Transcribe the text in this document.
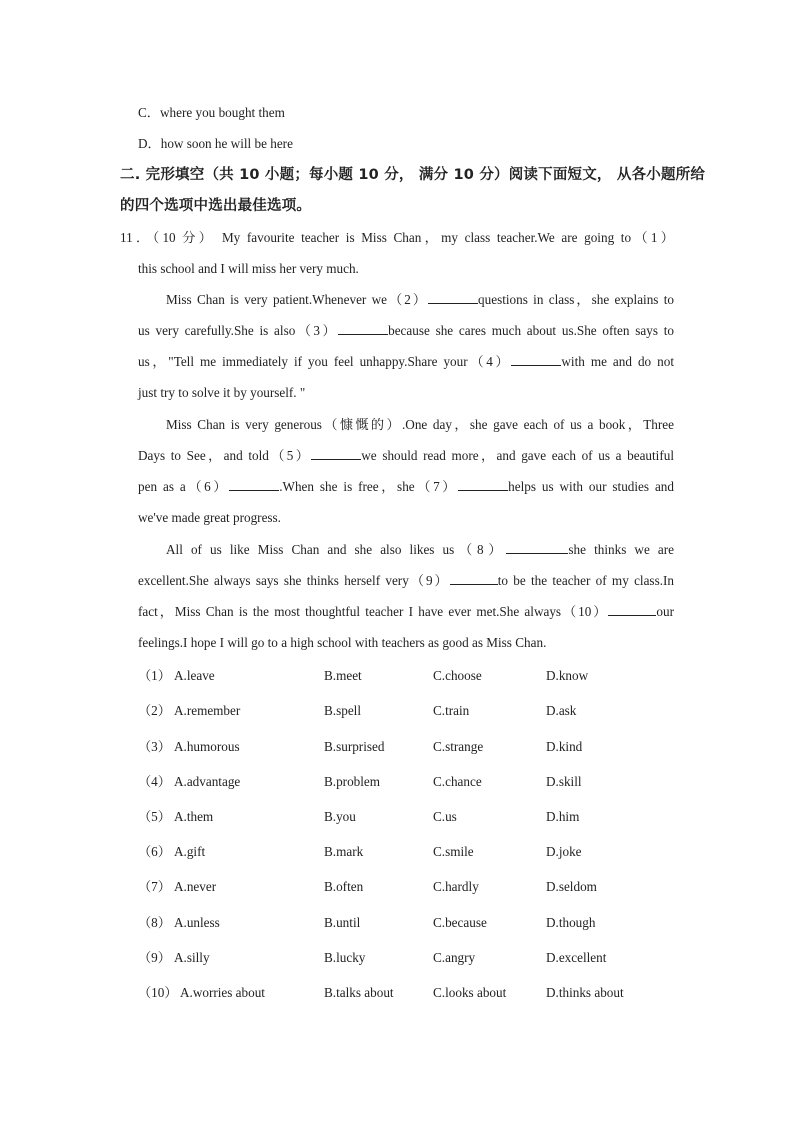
C．where you bought them
D．how soon he will be here
二. 完形填空（共 10 小题；每小题 10 分， 满分 10 分）阅读下面短文， 从各小题所给
的四个选项中选出最佳选项。
11．（10 分） My favourite teacher is Miss Chan，my class teacher.We are going to（1）
this school and I will miss her very much.
Miss Chan is very patient.Whenever we（2）	questions in class，she explains to
us very carefully.She is also（3）	because she cares much about us.She often says to
us，"Tell me immediately if you feel unhappy.Share your（4）	with me and do not
just try to solve it by yourself. "
Miss Chan is very generous（慷慨的）.One day，she gave each of us a book，Three
Days to See，and told（5）	we should read more，and gave each of us a beautiful
pen as a（6）	.When she is free，she（7）	helps us with our studies and
we've made great progress.
All of us like Miss Chan and she also likes us（8）	she thinks we are
excellent.She always says she thinks herself very（9）	to be the teacher of my class.In
fact，Miss Chan is the most thoughtful teacher I have ever met.She always（10）	our
feelings.I hope I will go to a high school with teachers as good as Miss Chan.
（1） A.leave	B.meet	C.choose	D.know
（2） A.remember	B.spell	C.train	D.ask
（3） A.humorous	B.surprised	C.strange	D.kind
（4） A.advantage	B.problem	C.chance	D.skill
（5） A.them	B.you	C.us	D.him
（6） A.gift	B.mark	C.smile	D.joke
（7） A.never	B.often	C.hardly	D.seldom
（8） A.unless	B.until	C.because	D.though
（9） A.silly	B.lucky	C.angry	D.excellent
（10） A.worries about	B.talks about	C.looks about	D.thinks about
